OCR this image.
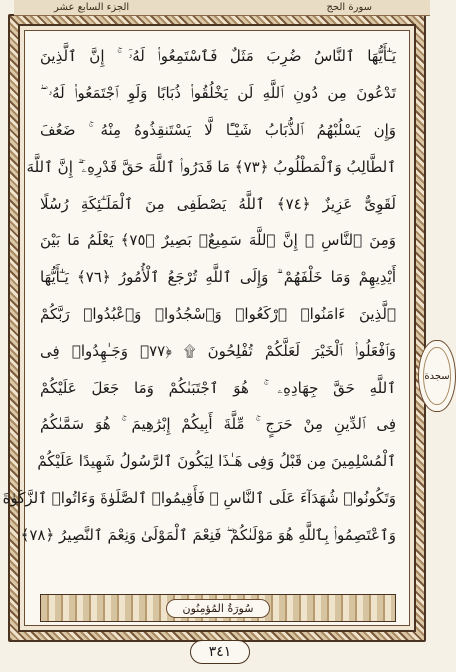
الجزء السابع عشر	سورة الحج
يَـٰٓأَيُّهَا ٱلنَّاسُ ضُرِبَ مَثَلٌ فَٱسْتَمِعُوا۟ لَهُۥٓ ۚ إِنَّ ٱلَّذِينَ
تَدْعُونَ مِن دُونِ ٱللَّهِ لَن يَخْلُقُوا۟ ذُبَابًا وَلَوِ ٱجْتَمَعُوا۟ لَهُۥ ۖ
وَإِن يَسْلُبْهُمُ ٱلذُّبَابُ شَيْـًٔا لَّا يَسْتَنقِذُوهُ مِنْهُ ۚ ضَعُفَ
ٱلطَّالِبُ وَٱلْمَطْلُوبُ ﴿٧٣﴾ مَا قَدَرُوا۟ ٱللَّهَ حَقَّ قَدْرِهِۦٓ ۗ إِنَّ ٱللَّهَ
لَقَوِىٌّ عَزِيزٌ ﴿٧٤﴾ ٱللَّهُ يَصْطَفِى مِنَ ٱلْمَلَـٰٓئِكَةِ رُسُلًا
وَمِنَ ٱلنَّاسِ ۚ إِنَّ ٱللَّهَ سَمِيعٌۢ بَصِيرٌ ﴿٧٥﴾ يَعْلَمُ مَا بَيْنَ
أَيْدِيهِمْ وَمَا خَلْفَهُمْ ۗ وَإِلَى ٱللَّهِ تُرْجَعُ ٱلْأُمُورُ ﴿٧٦﴾ يَـٰٓأَيُّهَا
ٱلَّذِينَ ءَامَنُوا۟ ٱرْكَعُوا۟ وَٱسْجُدُوا۟ وَٱعْبُدُوا۟ رَبَّكُمْ
وَٱفْعَلُوا۟ ٱلْخَيْرَ لَعَلَّكُمْ تُفْلِحُونَ ۩ ﴿٧٧﴾ وَجَـٰهِدُوا۟ فِى
ٱللَّهِ حَقَّ جِهَادِهِۦ ۚ هُوَ ٱجْتَبَىٰكُمْ وَمَا جَعَلَ عَلَيْكُمْ
فِى ٱلدِّينِ مِنْ حَرَجٍ ۚ مِّلَّةَ أَبِيكُمْ إِبْرَٰهِيمَ ۚ هُوَ سَمَّىٰكُمُ
ٱلْمُسْلِمِينَ مِن قَبْلُ وَفِى هَـٰذَا لِيَكُونَ ٱلرَّسُولُ شَهِيدًا عَلَيْكُمْ
وَتَكُونُوا۟ شُهَدَآءَ عَلَى ٱلنَّاسِ ۚ فَأَقِيمُوا۟ ٱلصَّلَوٰةَ وَءَاتُوا۟ ٱلزَّكَوٰةَ
وَٱعْتَصِمُوا۟ بِٱللَّهِ هُوَ مَوْلَىٰكُمْ ۖ فَنِعْمَ ٱلْمَوْلَىٰ وَنِعْمَ ٱلنَّصِيرُ ﴿٧٨﴾
سجدة
سُورَةُ المُؤمِنُون
٣٤١
